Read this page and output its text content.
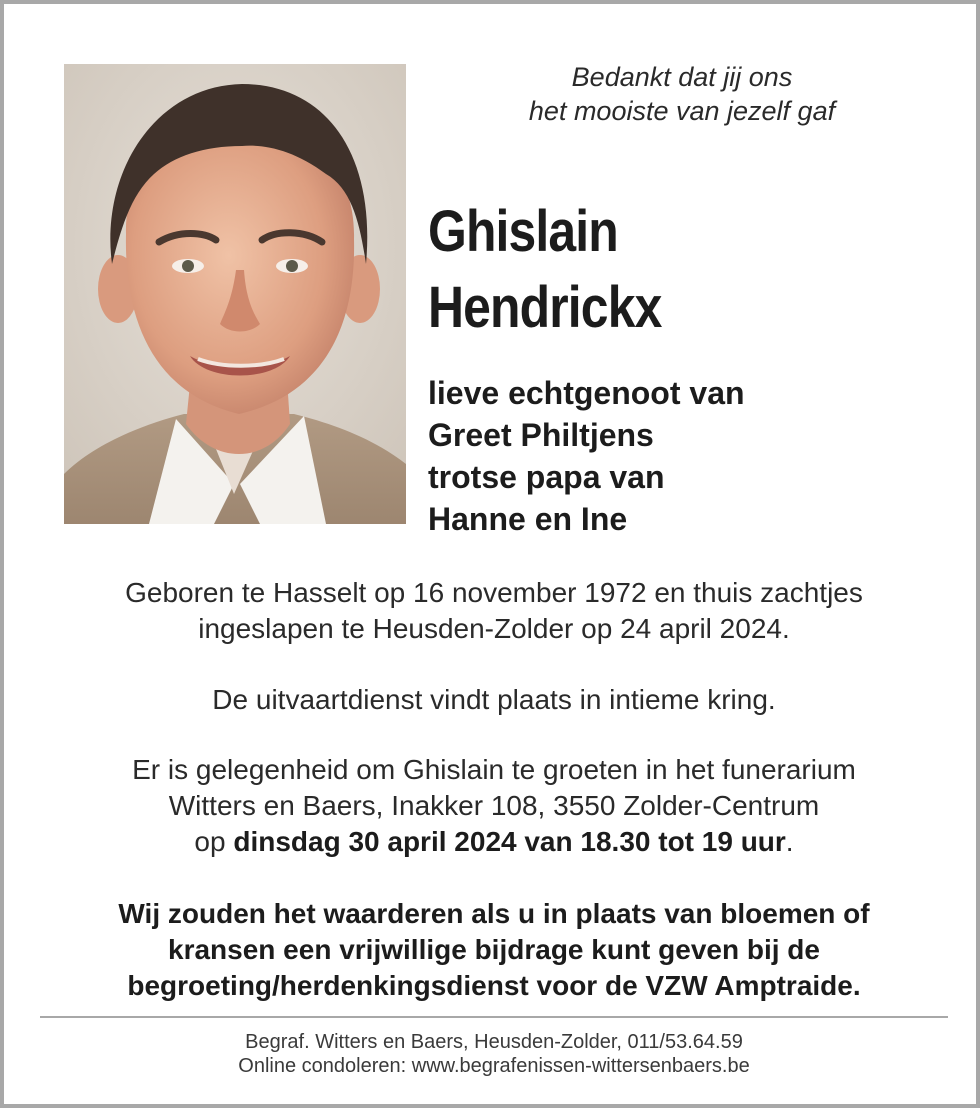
Bedankt dat jij ons
het mooiste van jezelf gaf
Ghislain
Hendrickx
lieve echtgenoot van
Greet Philtjens
trotse papa van
Hanne en Ine
Geboren te Hasselt op 16 november 1972 en thuis zachtjes
ingeslapen te Heusden-Zolder op 24 april 2024.
De uitvaartdienst vindt plaats in intieme kring.
Er is gelegenheid om Ghislain te groeten in het funerarium
Witters en Baers, Inakker 108, 3550 Zolder-Centrum
op dinsdag 30 april 2024 van 18.30 tot 19 uur.
Wij zouden het waarderen als u in plaats van bloemen of
kransen een vrijwillige bijdrage kunt geven bij de
begroeting/herdenkingsdienst voor de VZW Amptraide.
Begraf. Witters en Baers, Heusden-Zolder, 011/53.64.59
Online condoleren: www.begrafenissen-wittersenbaers.be
